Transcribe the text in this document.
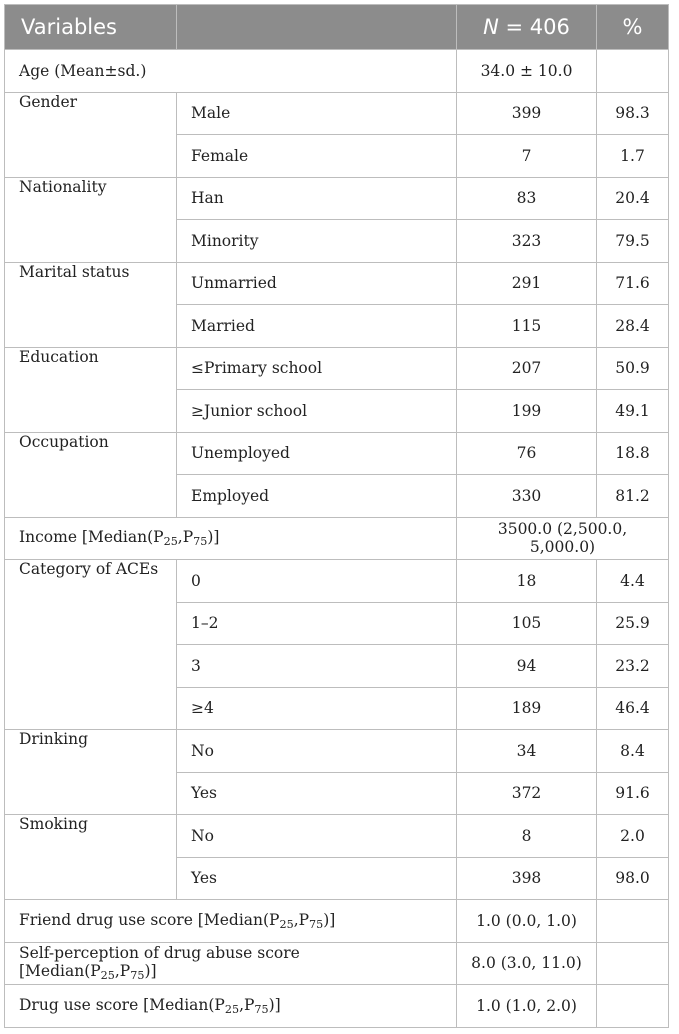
Variables		N = 406	%
Age (Mean±sd.)		34.0 ± 10.0	
Gender	Male	399	98.3
	Female	7	1.7
Nationality	Han	83	20.4
	Minority	323	79.5
Marital status	Unmarried	291	71.6
	Married	115	28.4
Education	≤Primary school	207	50.9
	≥Junior school	199	49.1
Occupation	Unemployed	76	18.8
	Employed	330	81.2
Income $[Median(P_{25},P_{75})]$		3500.0 (2,500.0, 5,000.0)	
Category of ACEs	0	18	4.4
	1–2	105	25.9
	3	94	23.2
	≥4	189	46.4
Drinking	No	34	8.4
	Yes	372	91.6
Smoking	No	8	2.0
	Yes	398	98.0
Friend drug use score $[Median(P_{25},P_{75})]$		1.0 (0.0, 1.0)	
Self-perception of drug abuse score $[Median(P_{25},P_{75})]$		8.0 (3.0, 11.0)	
Drug use score $[Median(P_{25},P_{75})]$		1.0 (1.0, 2.0)	
